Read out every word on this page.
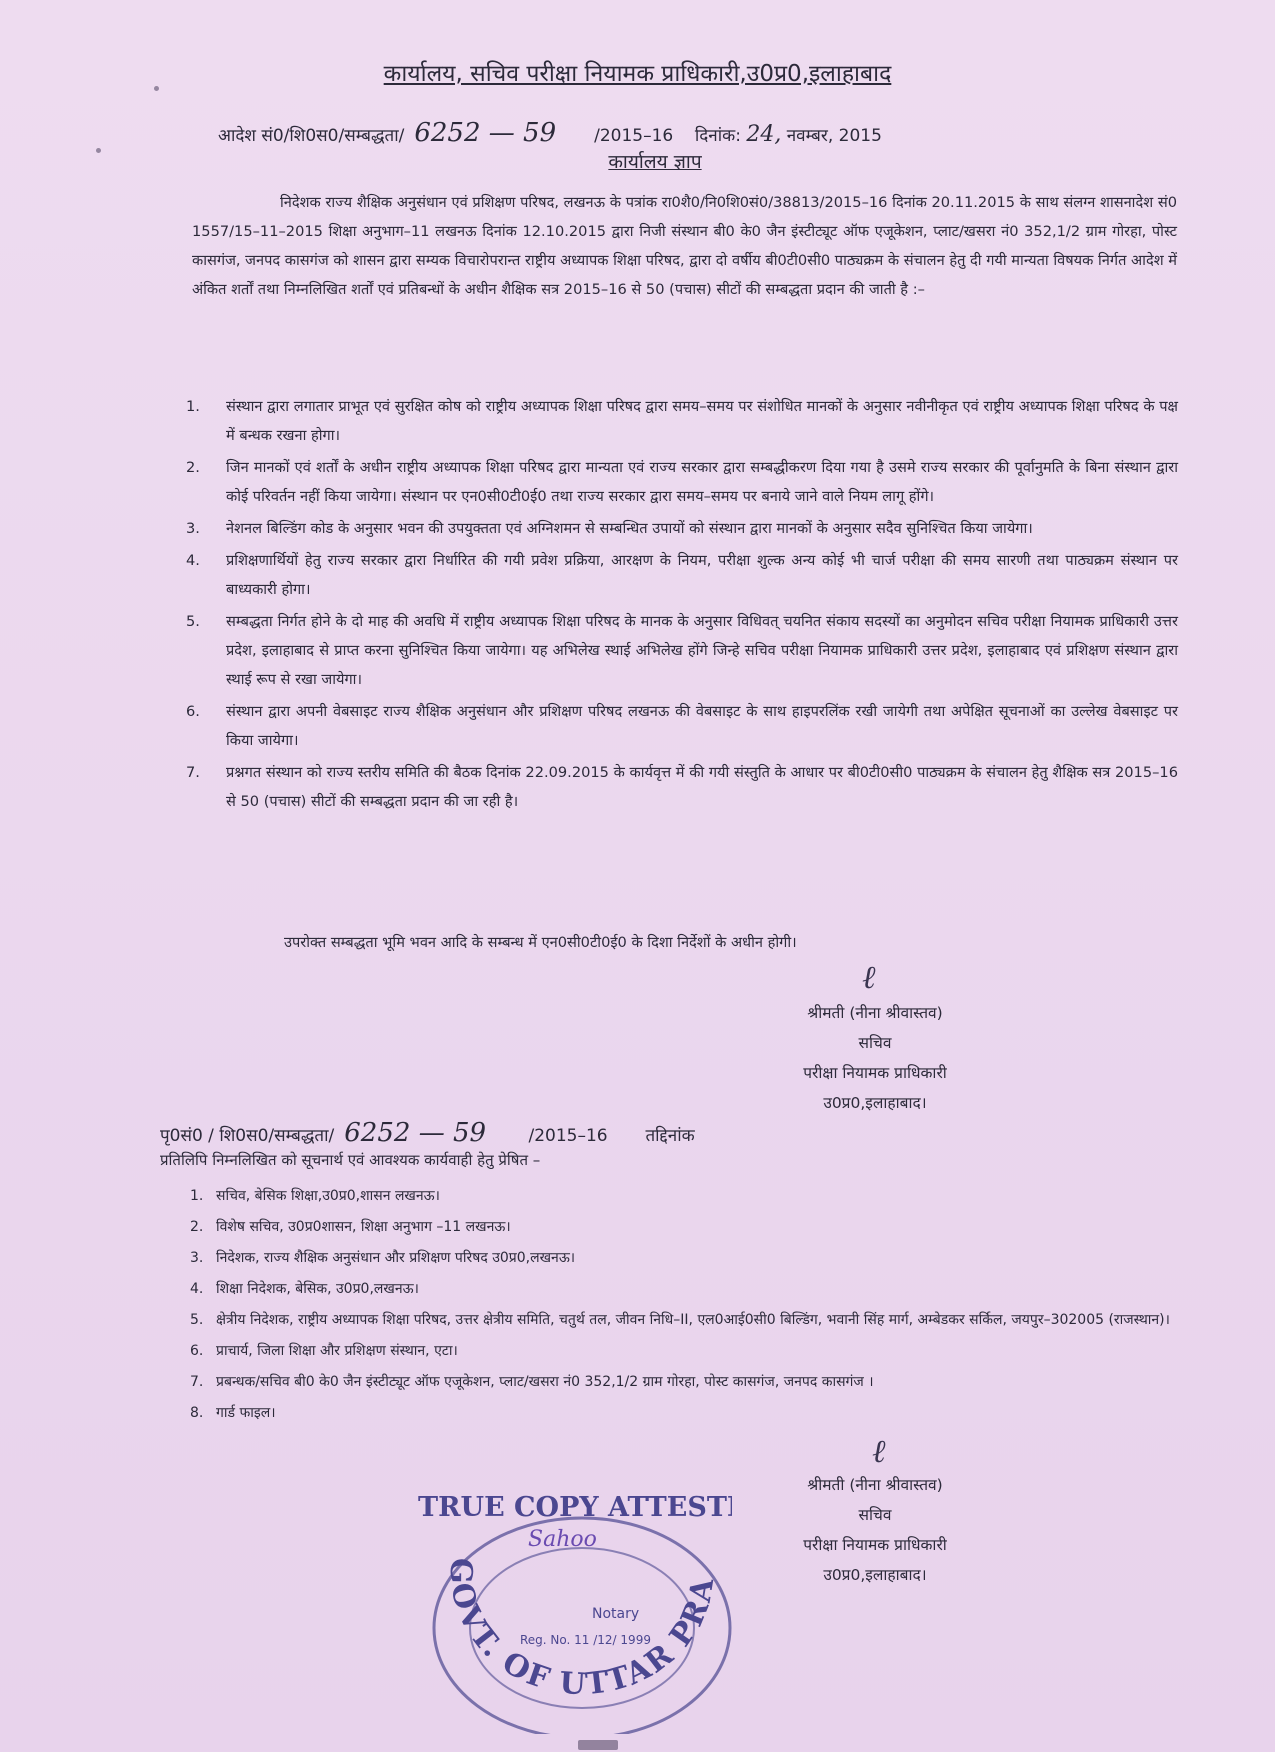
कार्यालय, सचिव परीक्षा नियामक प्राधिकारी,उ0प्र0,इलाहाबाद
आदेश सं0/शि0स0/सम्बद्धता/ 6252 — 59 /2015–16 दिनांक: 24, नवम्बर, 2015
कार्यालय ज्ञाप

निदेशक राज्य शैक्षिक अनुसंधान एवं प्रशिक्षण परिषद, लखनऊ के पत्रांक रा0शै0/नि0शि0सं0/38813/2015–16 दिनांक 20.11.2015 के साथ संलग्न शासनादेश सं0 1557/15–11–2015 शिक्षा अनुभाग–11 लखनऊ दिनांक 12.10.2015 द्वारा निजी संस्थान बी0 के0 जैन इंस्टीट्यूट ऑफ एजूकेशन, प्लाट/खसरा नं0 352,1/2 ग्राम गोरहा, पोस्ट कासगंज, जनपद कासगंज को शासन द्वारा सम्यक विचारोपरान्त राष्ट्रीय अध्यापक शिक्षा परिषद, द्वारा दो वर्षीय बी0टी0सी0 पाठ्यक्रम के संचालन हेतु दी गयी मान्यता विषयक निर्गत आदेश में अंकित शर्तों तथा निम्नलिखित शर्तों एवं प्रतिबन्धों के अधीन शैक्षिक सत्र 2015–16 से 50 (पचास) सीटों की सम्बद्धता प्रदान की जाती है :–

1. संस्थान द्वारा लगातार प्राभूत एवं सुरक्षित कोष को राष्ट्रीय अध्यापक शिक्षा परिषद द्वारा समय–समय पर संशोधित मानकों के अनुसार नवीनीकृत एवं राष्ट्रीय अध्यापक शिक्षा परिषद के पक्ष में बन्धक रखना होगा।
2. जिन मानकों एवं शर्तों के अधीन राष्ट्रीय अध्यापक शिक्षा परिषद द्वारा मान्यता एवं राज्य सरकार द्वारा सम्बद्धीकरण दिया गया है उसमे राज्य सरकार की पूर्वानुमति के बिना संस्थान द्वारा कोई परिवर्तन नहीं किया जायेगा। संस्थान पर एन0सी0टी0ई0 तथा राज्य सरकार द्वारा समय–समय पर बनाये जाने वाले नियम लागू होंगे।
3. नेशनल बिल्डिंग कोड के अनुसार भवन की उपयुक्तता एवं अग्निशमन से सम्बन्धित उपायों को संस्थान द्वारा मानकों के अनुसार सदैव सुनिश्चित किया जायेगा।
4. प्रशिक्षणार्थियों हेतु राज्य सरकार द्वारा निर्धारित की गयी प्रवेश प्रक्रिया, आरक्षण के नियम, परीक्षा शुल्क अन्य कोई भी चार्ज परीक्षा की समय सारणी तथा पाठ्यक्रम संस्थान पर बाध्यकारी होगा।
5. सम्बद्धता निर्गत होने के दो माह की अवधि में राष्ट्रीय अध्यापक शिक्षा परिषद के मानक के अनुसार विधिवत् चयनित संकाय सदस्यों का अनुमोदन सचिव परीक्षा नियामक प्राधिकारी उत्तर प्रदेश, इलाहाबाद से प्राप्त करना सुनिश्चित किया जायेगा। यह अभिलेख स्थाई अभिलेख होंगे जिन्हे सचिव परीक्षा नियामक प्राधिकारी उत्तर प्रदेश, इलाहाबाद एवं प्रशिक्षण संस्थान द्वारा स्थाई रूप से रखा जायेगा।
6. संस्थान द्वारा अपनी वेबसाइट राज्य शैक्षिक अनुसंधान और प्रशिक्षण परिषद लखनऊ की वेबसाइट के साथ हाइपरलिंक रखी जायेगी तथा अपेक्षित सूचनाओं का उल्लेख वेबसाइट पर किया जायेगा।
7. प्रश्नगत संस्थान को राज्य स्तरीय समिति की बैठक दिनांक 22.09.2015 के कार्यवृत्त में की गयी संस्तुति के आधार पर बी0टी0सी0 पाठ्यक्रम के संचालन हेतु शैक्षिक सत्र 2015–16 से 50 (पचास) सीटों की सम्बद्धता प्रदान की जा रही है।
उपरोक्त सम्बद्धता भूमि भवन आदि के सम्बन्ध में एन0सी0टी0ई0 के दिशा निर्देशों के अधीन होगी।
ℓ
श्रीमती (नीना श्रीवास्तव)
सचिव
परीक्षा नियामक प्राधिकारी
उ0प्र0,इलाहाबाद।
पृ0सं0 / शि0स0/सम्बद्धता/ 6252 — 59 /2015–16 तद्दिनांक
प्रतिलिपि निम्नलिखित को सूचनार्थ एवं आवश्यक कार्यवाही हेतु प्रेषित –
1. सचिव, बेसिक शिक्षा,उ0प्र0,शासन लखनऊ।
2. विशेष सचिव, उ0प्र0शासन, शिक्षा अनुभाग –11 लखनऊ।
3. निदेशक, राज्य शैक्षिक अनुसंधान और प्रशिक्षण परिषद उ0प्र0,लखनऊ।
4. शिक्षा निदेशक, बेसिक, उ0प्र0,लखनऊ।
5. क्षेत्रीय निदेशक, राष्ट्रीय अध्यापक शिक्षा परिषद, उत्तर क्षेत्रीय समिति, चतुर्थ तल, जीवन निधि–II, एल0आई0सी0 बिल्डिंग, भवानी सिंह मार्ग, अम्बेडकर सर्किल, जयपुर–302005 (राजस्थान)।
6. प्राचार्य, जिला शिक्षा और प्रशिक्षण संस्थान, एटा।
7. प्रबन्धक/सचिव बी0 के0 जैन इंस्टीट्यूट ऑफ एजूकेशन, प्लाट/खसरा नं0 352,1/2 ग्राम गोरहा, पोस्ट कासगंज, जनपद कासगंज ।
8. गार्ड फाइल।
ℓ
श्रीमती (नीना श्रीवास्तव)
सचिव
परीक्षा नियामक प्राधिकारी
उ0प्र0,इलाहाबाद।
TRUE COPY ATTEST
Sahoo
GOVT. OF UTTAR PRA
Notary
Reg. No. 11 /12/ 1999
